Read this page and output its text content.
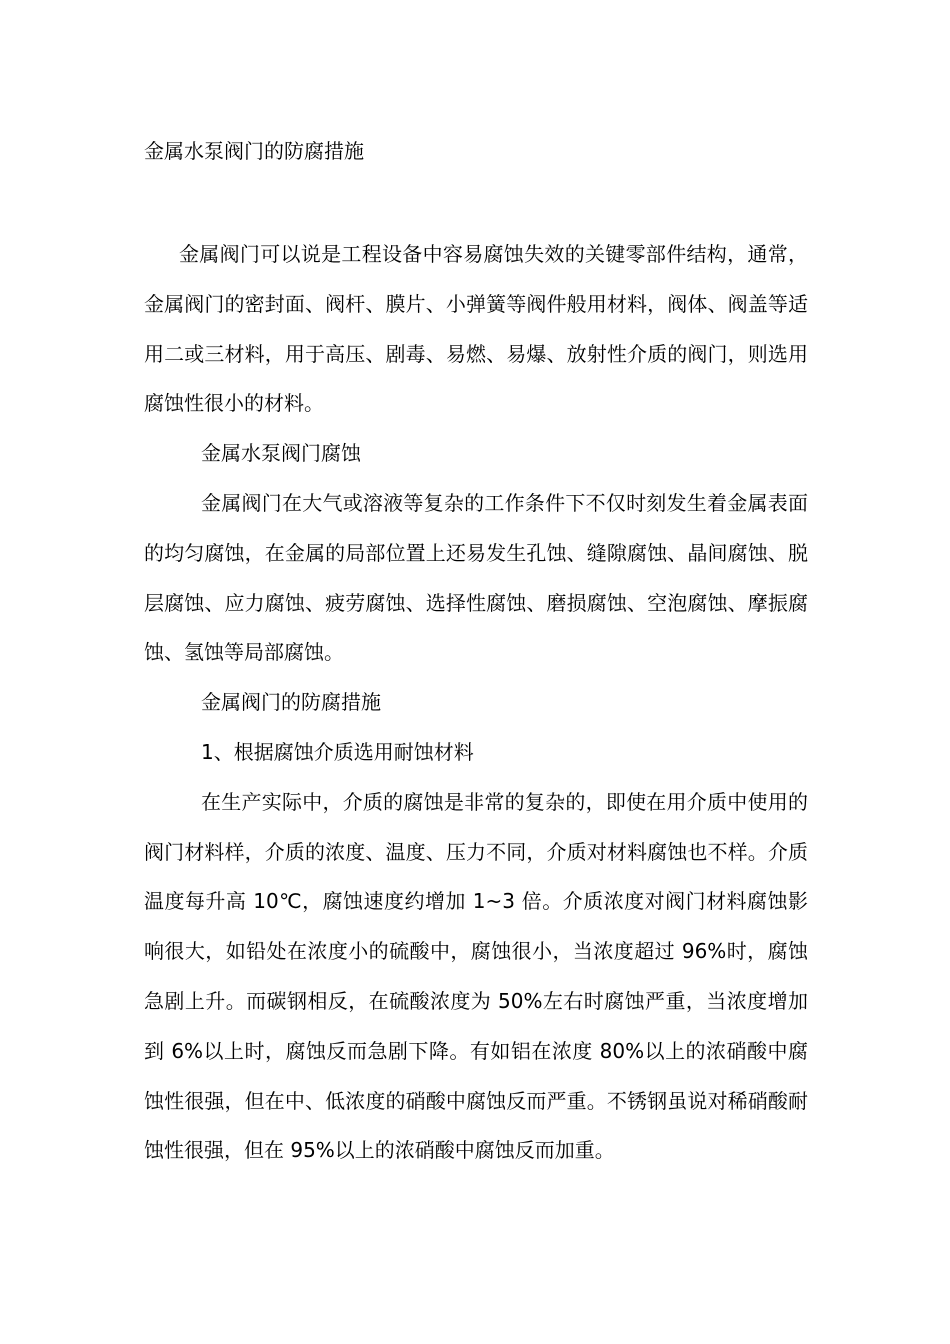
金属水泵阀门的防腐措施

金属阀门可以说是工程设备中容易腐蚀失效的关键零部件结构，通常，金属阀门的密封面、阀杆、膜片、小弹簧等阀件般用材料，阀体、阀盖等适用二或三材料，用于高压、剧毒、易燃、易爆、放射性介质的阀门，则选用腐蚀性很小的材料。

金属水泵阀门腐蚀

金属阀门在大气或溶液等复杂的工作条件下不仅时刻发生着金属表面的均匀腐蚀，在金属的局部位置上还易发生孔蚀、缝隙腐蚀、晶间腐蚀、脱层腐蚀、应力腐蚀、疲劳腐蚀、选择性腐蚀、磨损腐蚀、空泡腐蚀、摩振腐蚀、氢蚀等局部腐蚀。

金属阀门的防腐措施

1、根据腐蚀介质选用耐蚀材料

在生产实际中，介质的腐蚀是非常的复杂的，即使在用介质中使用的阀门材料样，介质的浓度、温度、压力不同，介质对材料腐蚀也不样。介质温度每升高 10℃，腐蚀速度约增加 1~3 倍。介质浓度对阀门材料腐蚀影响很大，如铅处在浓度小的硫酸中，腐蚀很小，当浓度超过 96%时，腐蚀急剧上升。而碳钢相反，在硫酸浓度为 50%左右时腐蚀严重，当浓度增加到 6%以上时，腐蚀反而急剧下降。有如铝在浓度 80%以上的浓硝酸中腐蚀性很强，但在中、低浓度的硝酸中腐蚀反而严重。不锈钢虽说对稀硝酸耐蚀性很强，但在 95%以上的浓硝酸中腐蚀反而加重。
